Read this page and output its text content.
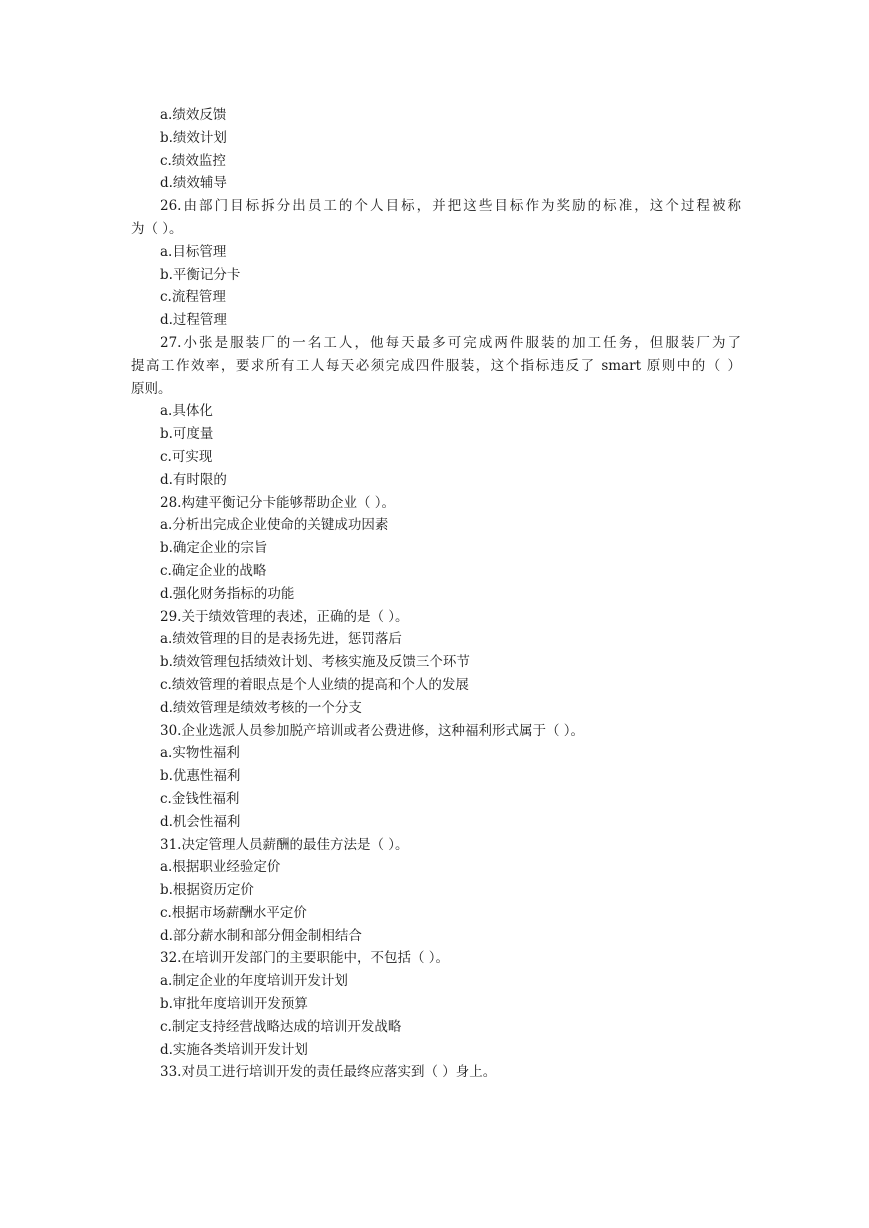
a.绩效反馈
b.绩效计划
c.绩效监控
d.绩效辅导
26.由部门目标拆分出员工的个人目标，并把这些目标作为奖励的标准，这个过程被称
为（ ）。
a.目标管理
b.平衡记分卡
c.流程管理
d.过程管理
27.小张是服装厂的一名工人，他每天最多可完成两件服装的加工任务，但服装厂为了
提高工作效率，要求所有工人每天必须完成四件服装，这个指标违反了 smart 原则中的（ ）
原则。
a.具体化
b.可度量
c.可实现
d.有时限的
28.构建平衡记分卡能够帮助企业（ ）。
a.分析出完成企业使命的关键成功因素
b.确定企业的宗旨
c.确定企业的战略
d.强化财务指标的功能
29.关于绩效管理的表述，正确的是（ ）。
a.绩效管理的目的是表扬先进，惩罚落后
b.绩效管理包括绩效计划、考核实施及反馈三个环节
c.绩效管理的着眼点是个人业绩的提高和个人的发展
d.绩效管理是绩效考核的一个分支
30.企业选派人员参加脱产培训或者公费进修，这种福利形式属于（ ）。
a.实物性福利
b.优惠性福利
c.金钱性福利
d.机会性福利
31.决定管理人员薪酬的最佳方法是（ ）。
a.根据职业经验定价
b.根据资历定价
c.根据市场薪酬水平定价
d.部分薪水制和部分佣金制相结合
32.在培训开发部门的主要职能中，不包括（ ）。
a.制定企业的年度培训开发计划
b.审批年度培训开发预算
c.制定支持经营战略达成的培训开发战略
d.实施各类培训开发计划
33.对员工进行培训开发的责任最终应落实到（ ）身上。
